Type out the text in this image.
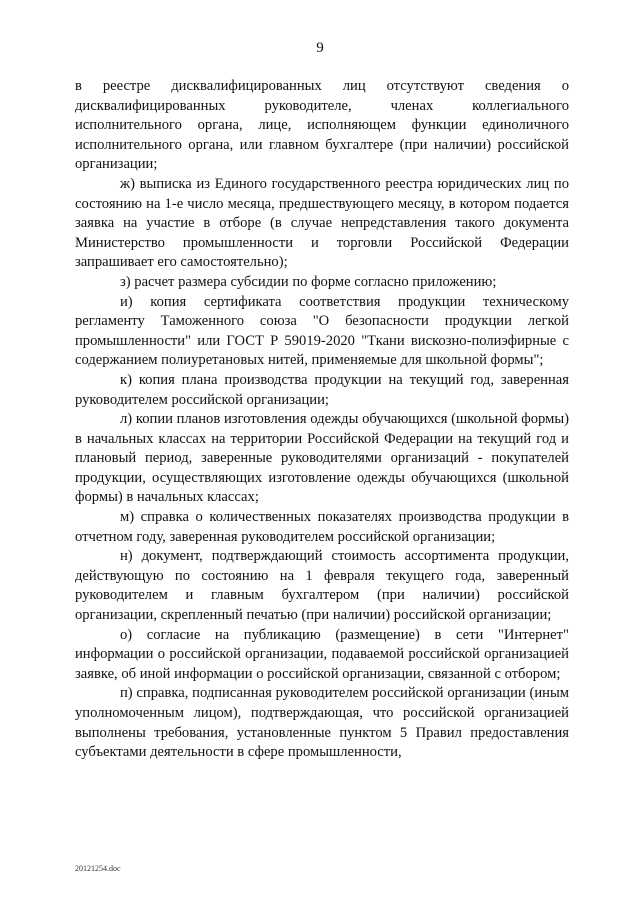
9

в реестре дисквалифицированных лиц отсутствуют сведения о дисквалифицированных руководителе, членах коллегиального исполнительного органа, лице, исполняющем функции единоличного исполнительного органа, или главном бухгалтере (при наличии) российской организации;

ж) выписка из Единого государственного реестра юридических лиц по состоянию на 1-е число месяца, предшествующего месяцу, в котором подается заявка на участие в отборе (в случае непредставления такого документа Министерство промышленности и торговли Российской Федерации запрашивает его самостоятельно);

з) расчет размера субсидии по форме согласно приложению;

и) копия сертификата соответствия продукции техническому регламенту Таможенного союза "О безопасности продукции легкой промышленности" или ГОСТ Р 59019-2020 "Ткани вискозно-полиэфирные с содержанием полиуретановых нитей, применяемые для школьной формы";

к) копия плана производства продукции на текущий год, заверенная руководителем российской организации;

л) копии планов изготовления одежды обучающихся (школьной формы) в начальных классах на территории Российской Федерации на текущий год и плановый период, заверенные руководителями организаций - покупателей продукции, осуществляющих изготовление одежды обучающихся (школьной формы) в начальных классах;

м) справка о количественных показателях производства продукции в отчетном году, заверенная руководителем российской организации;

н) документ, подтверждающий стоимость ассортимента продукции, действующую по состоянию на 1 февраля текущего года, заверенный руководителем и главным бухгалтером (при наличии) российской организации, скрепленный печатью (при наличии) российской организации;

о) согласие на публикацию (размещение) в сети "Интернет" информации о российской организации, подаваемой российской организацией заявке, об иной информации о российской организации, связанной с отбором;

п) справка, подписанная руководителем российской организации (иным уполномоченным лицом), подтверждающая, что российской организацией выполнены требования, установленные пунктом 5 Правил предоставления субъектами деятельности в сфере промышленности,

20121254.doc
